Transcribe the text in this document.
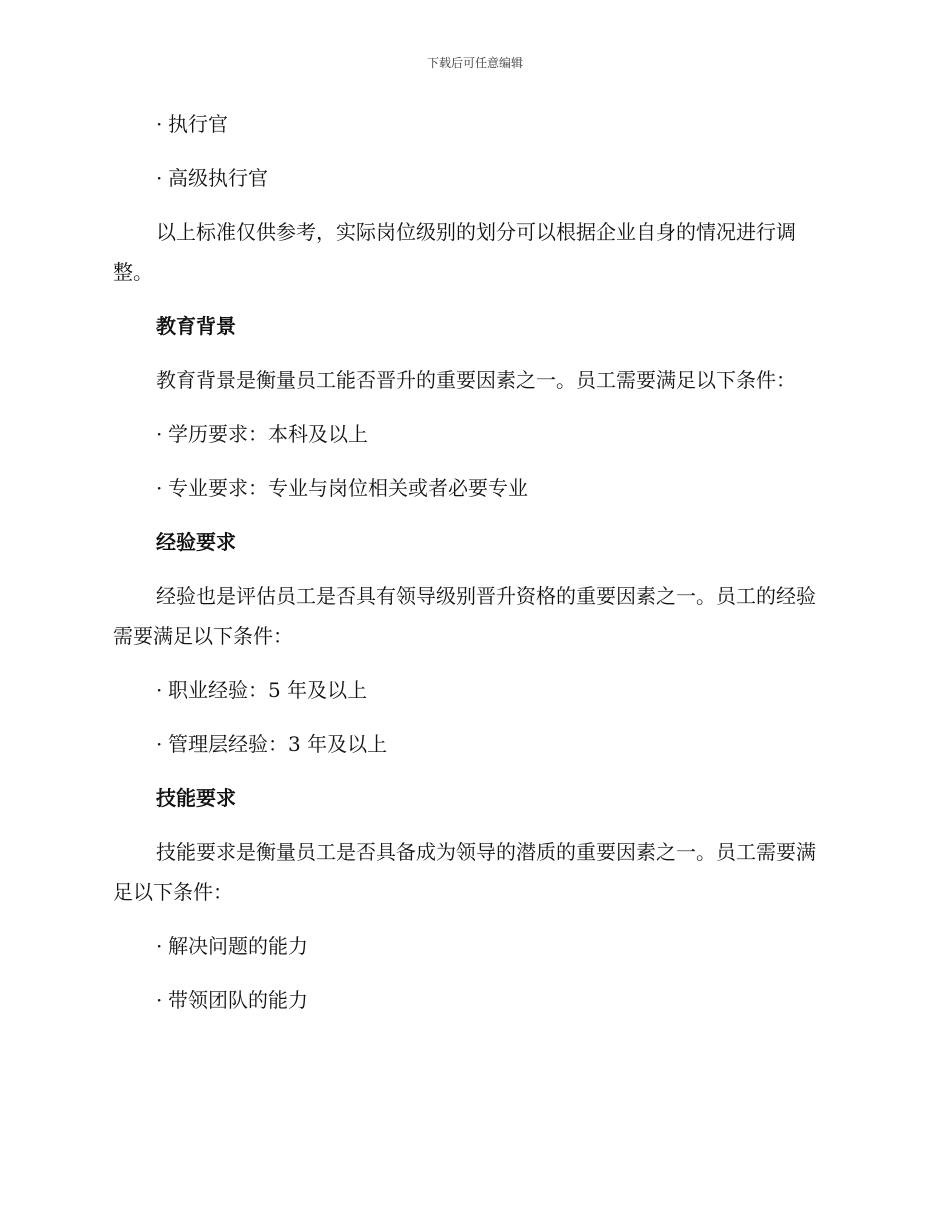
下载后可任意编辑
· 执行官
· 高级执行官
以上标准仅供参考，实际岗位级别的划分可以根据企业自身的情况进行调整。
教育背景
教育背景是衡量员工能否晋升的重要因素之一。员工需要满足以下条件：
· 学历要求：本科及以上
· 专业要求：专业与岗位相关或者必要专业
经验要求
经验也是评估员工是否具有领导级别晋升资格的重要因素之一。员工的经验需要满足以下条件：
· 职业经验：5 年及以上
· 管理层经验：3 年及以上
技能要求
技能要求是衡量员工是否具备成为领导的潜质的重要因素之一。员工需要满足以下条件：
· 解决问题的能力
· 带领团队的能力
